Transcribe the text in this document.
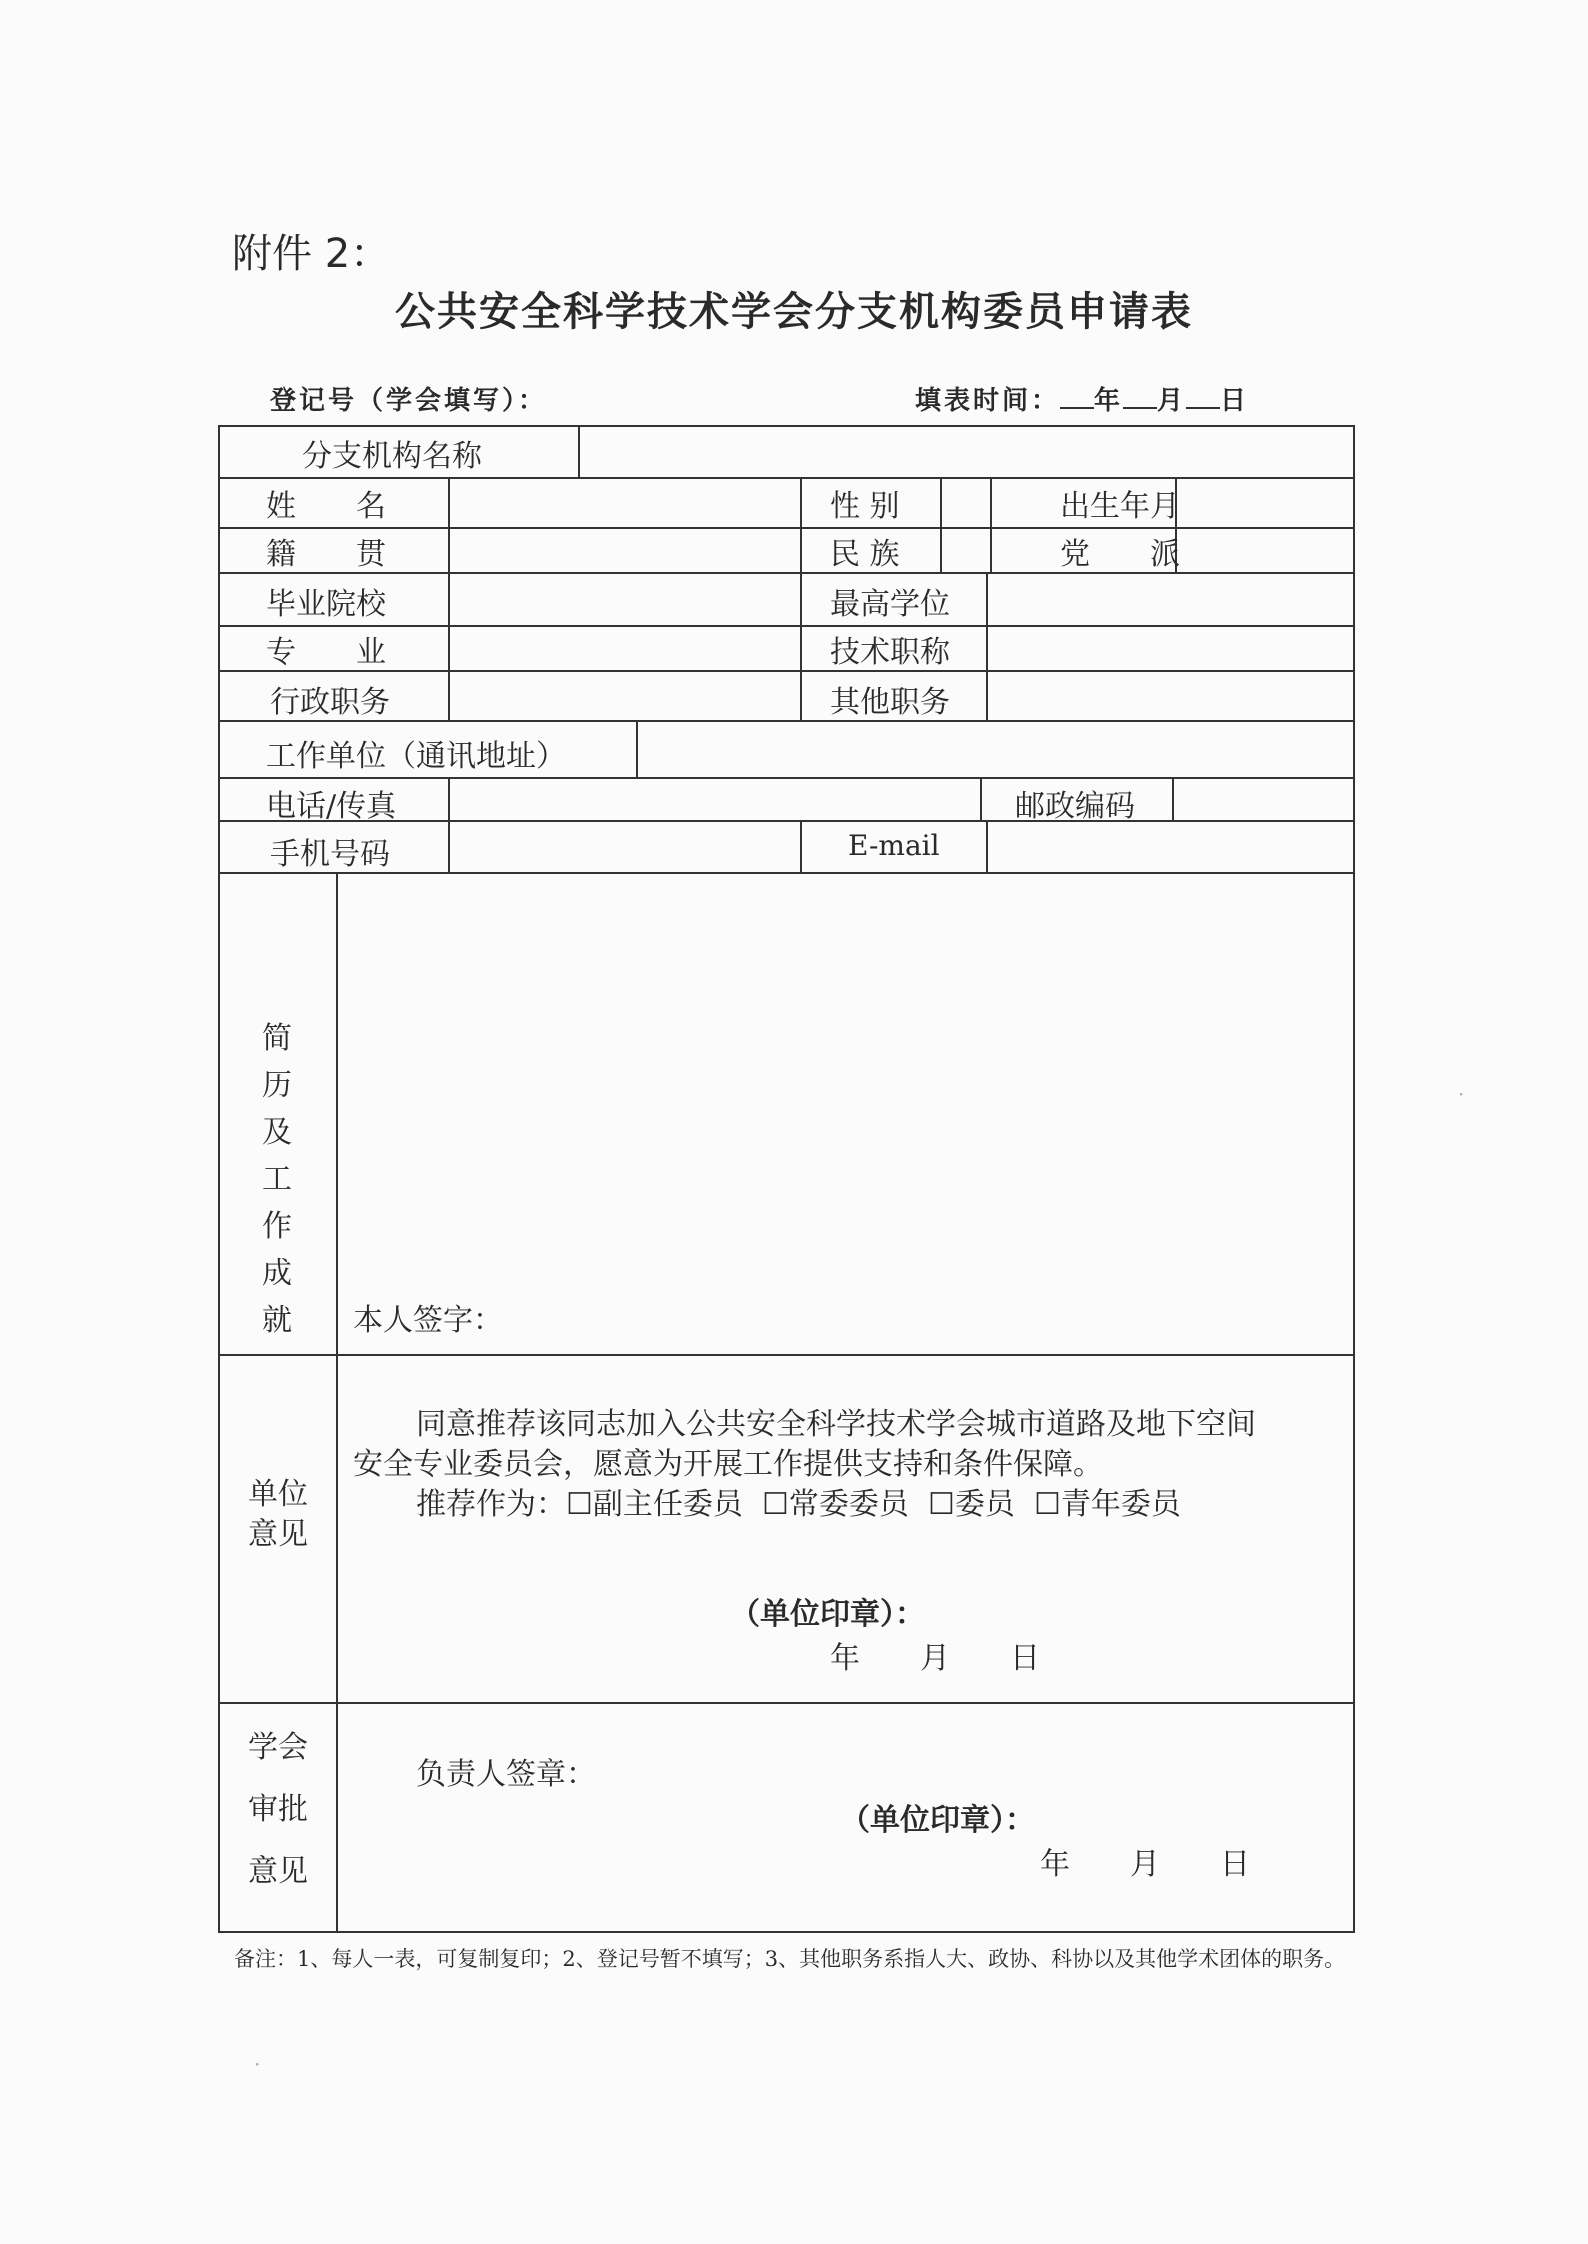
附件 2：
公共安全科学技术学会分支机构委员申请表
登记号（学会填写）：	填表时间： 年 月 日
分支机构名称
姓　　名	性 别	出生年月
籍　　贯	民 族	党　　派
毕业院校	最高学位
专　　业	技术职称
行政职务	其他职务
工作单位（通讯地址）
电话/传真	邮政编码
手机号码	E-mail
简
历
及
工
作
成
就 本人签字：
单位
意见
同意推荐该同志加入公共安全科学技术学会城市道路及地下空间
安全专业委员会，愿意为开展工作提供支持和条件保障。
推荐作为：☐副主任委员 ☐常委委员 ☐委员 ☐青年委员
（单位印章）：
年　　月　　日
学会
审批
意见
负责人签章：
（单位印章）：
年　　月　　日
备注：1、每人一表，可复制复印；2、登记号暂不填写；3、其他职务系指人大、政协、科协以及其他学术团体的职务。
·
·
